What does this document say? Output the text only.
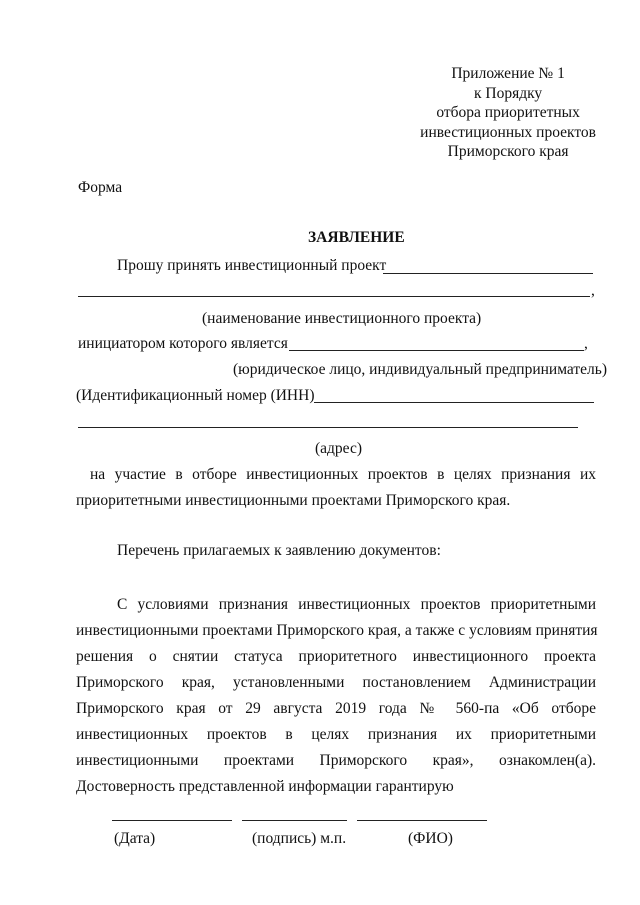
Приложение № 1
к Порядку
отбора приоритетных
инвестиционных проектов
Приморского края
Форма
ЗАЯВЛЕНИЕ
Прошу принять инвестиционный проект
,
(наименование инвестиционного проекта)
инициатором которого является	,
(юридическое лицо, индивидуальный предприниматель)
(Идентификационный номер (ИНН)
(адрес)
на участие в отборе инвестиционных проектов в целях признания их
приоритетными инвестиционными проектами Приморского края.
Перечень прилагаемых к заявлению документов:
С условиями признания инвестиционных проектов приоритетными
инвестиционными проектами Приморского края, а также с условиям принятия
решения о снятии статуса приоритетного инвестиционного проекта
Приморского края, установленными постановлением Администрации
Приморского края от 29 августа 2019 года № 560-па «Об отборе
инвестиционных проектов в целях признания их приоритетными
инвестиционными проектами Приморского края», ознакомлен(а).
Достоверность представленной информации гарантирую
(Дата)	(подпись) м.п.	(ФИО)
